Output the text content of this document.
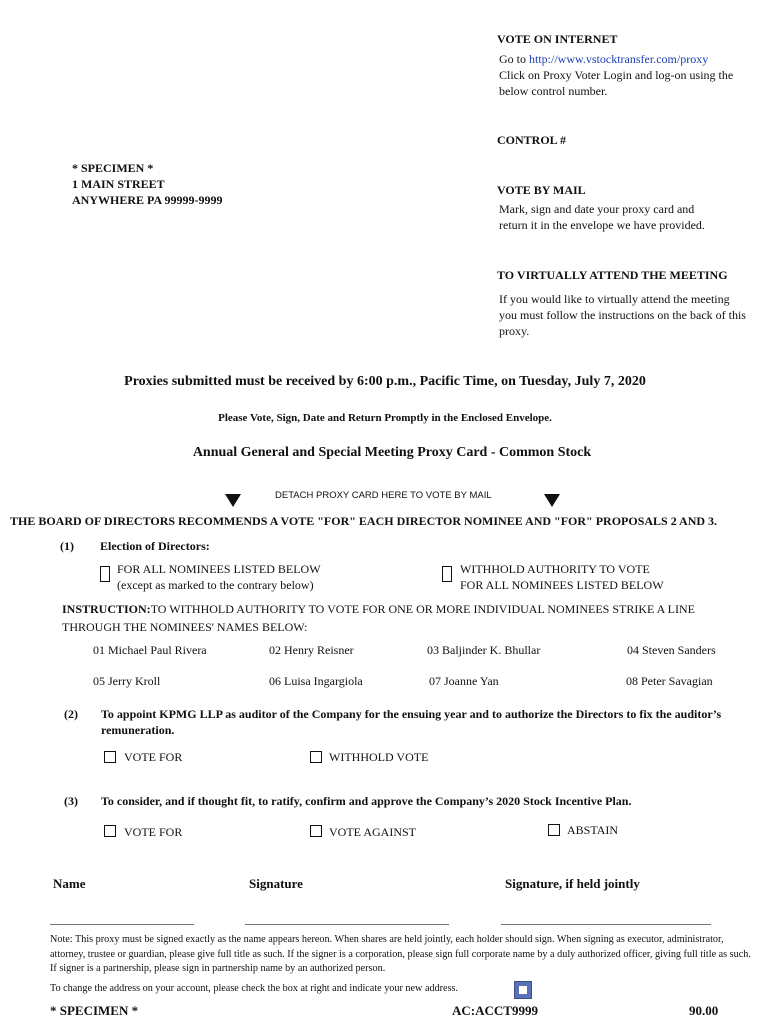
VOTE ON INTERNET
Go to http://www.vstocktransfer.com/proxy
Click on Proxy Voter Login and log-on using the
below control number.
CONTROL #
VOTE BY MAIL
Mark, sign and date your proxy card and
return it in the envelope we have provided.
TO VIRTUALLY ATTEND THE MEETING
If you would like to virtually attend the meeting
you must follow the instructions on the back of this
proxy.
* SPECIMEN *
1 MAIN STREET
ANYWHERE PA 99999-9999
Proxies submitted must be received by 6:00 p.m., Pacific Time, on Tuesday, July 7, 2020
Please Vote, Sign, Date and Return Promptly in the Enclosed Envelope.
Annual General and Special Meeting Proxy Card - Common Stock
DETACH PROXY CARD HERE TO VOTE BY MAIL
THE BOARD OF DIRECTORS RECOMMENDS A VOTE "FOR" EACH DIRECTOR NOMINEE AND "FOR" PROPOSALS 2 AND 3.
(1) Election of Directors:
FOR ALL NOMINEES LISTED BELOW
(except as marked to the contrary below)
WITHHOLD AUTHORITY TO VOTE
FOR ALL NOMINEES LISTED BELOW
INSTRUCTION:TO WITHHOLD AUTHORITY TO VOTE FOR ONE OR MORE INDIVIDUAL NOMINEES STRIKE A LINE
THROUGH THE NOMINEES' NAMES BELOW:
01 Michael Paul Rivera	02 Henry Reisner	03 Baljinder K. Bhullar	04 Steven Sanders
05 Jerry Kroll	06 Luisa Ingargiola	07 Joanne Yan	08 Peter Savagian
(2) To appoint KPMG LLP as auditor of the Company for the ensuing year and to authorize the Directors to fix the auditor’s
remuneration.
VOTE FOR	WITHHOLD VOTE
(3) To consider, and if thought fit, to ratify, confirm and approve the Company’s 2020 Stock Incentive Plan.
VOTE FOR	VOTE AGAINST	ABSTAIN
Name	Signature	Signature, if held jointly
________________________	__________________________________	___________________________________
Note: This proxy must be signed exactly as the name appears hereon. When shares are held jointly, each holder should sign. When signing as executor, administrator, attorney, trustee or guardian, please give full title as such. If the signer is a corporation, please sign full corporate name by a duly authorized officer, giving full title as such. If signer is a partnership, please sign in partnership name by an authorized person.
To change the address on your account, please check the box at right and indicate your new address.
* SPECIMEN *	AC:ACCT9999	90.00
